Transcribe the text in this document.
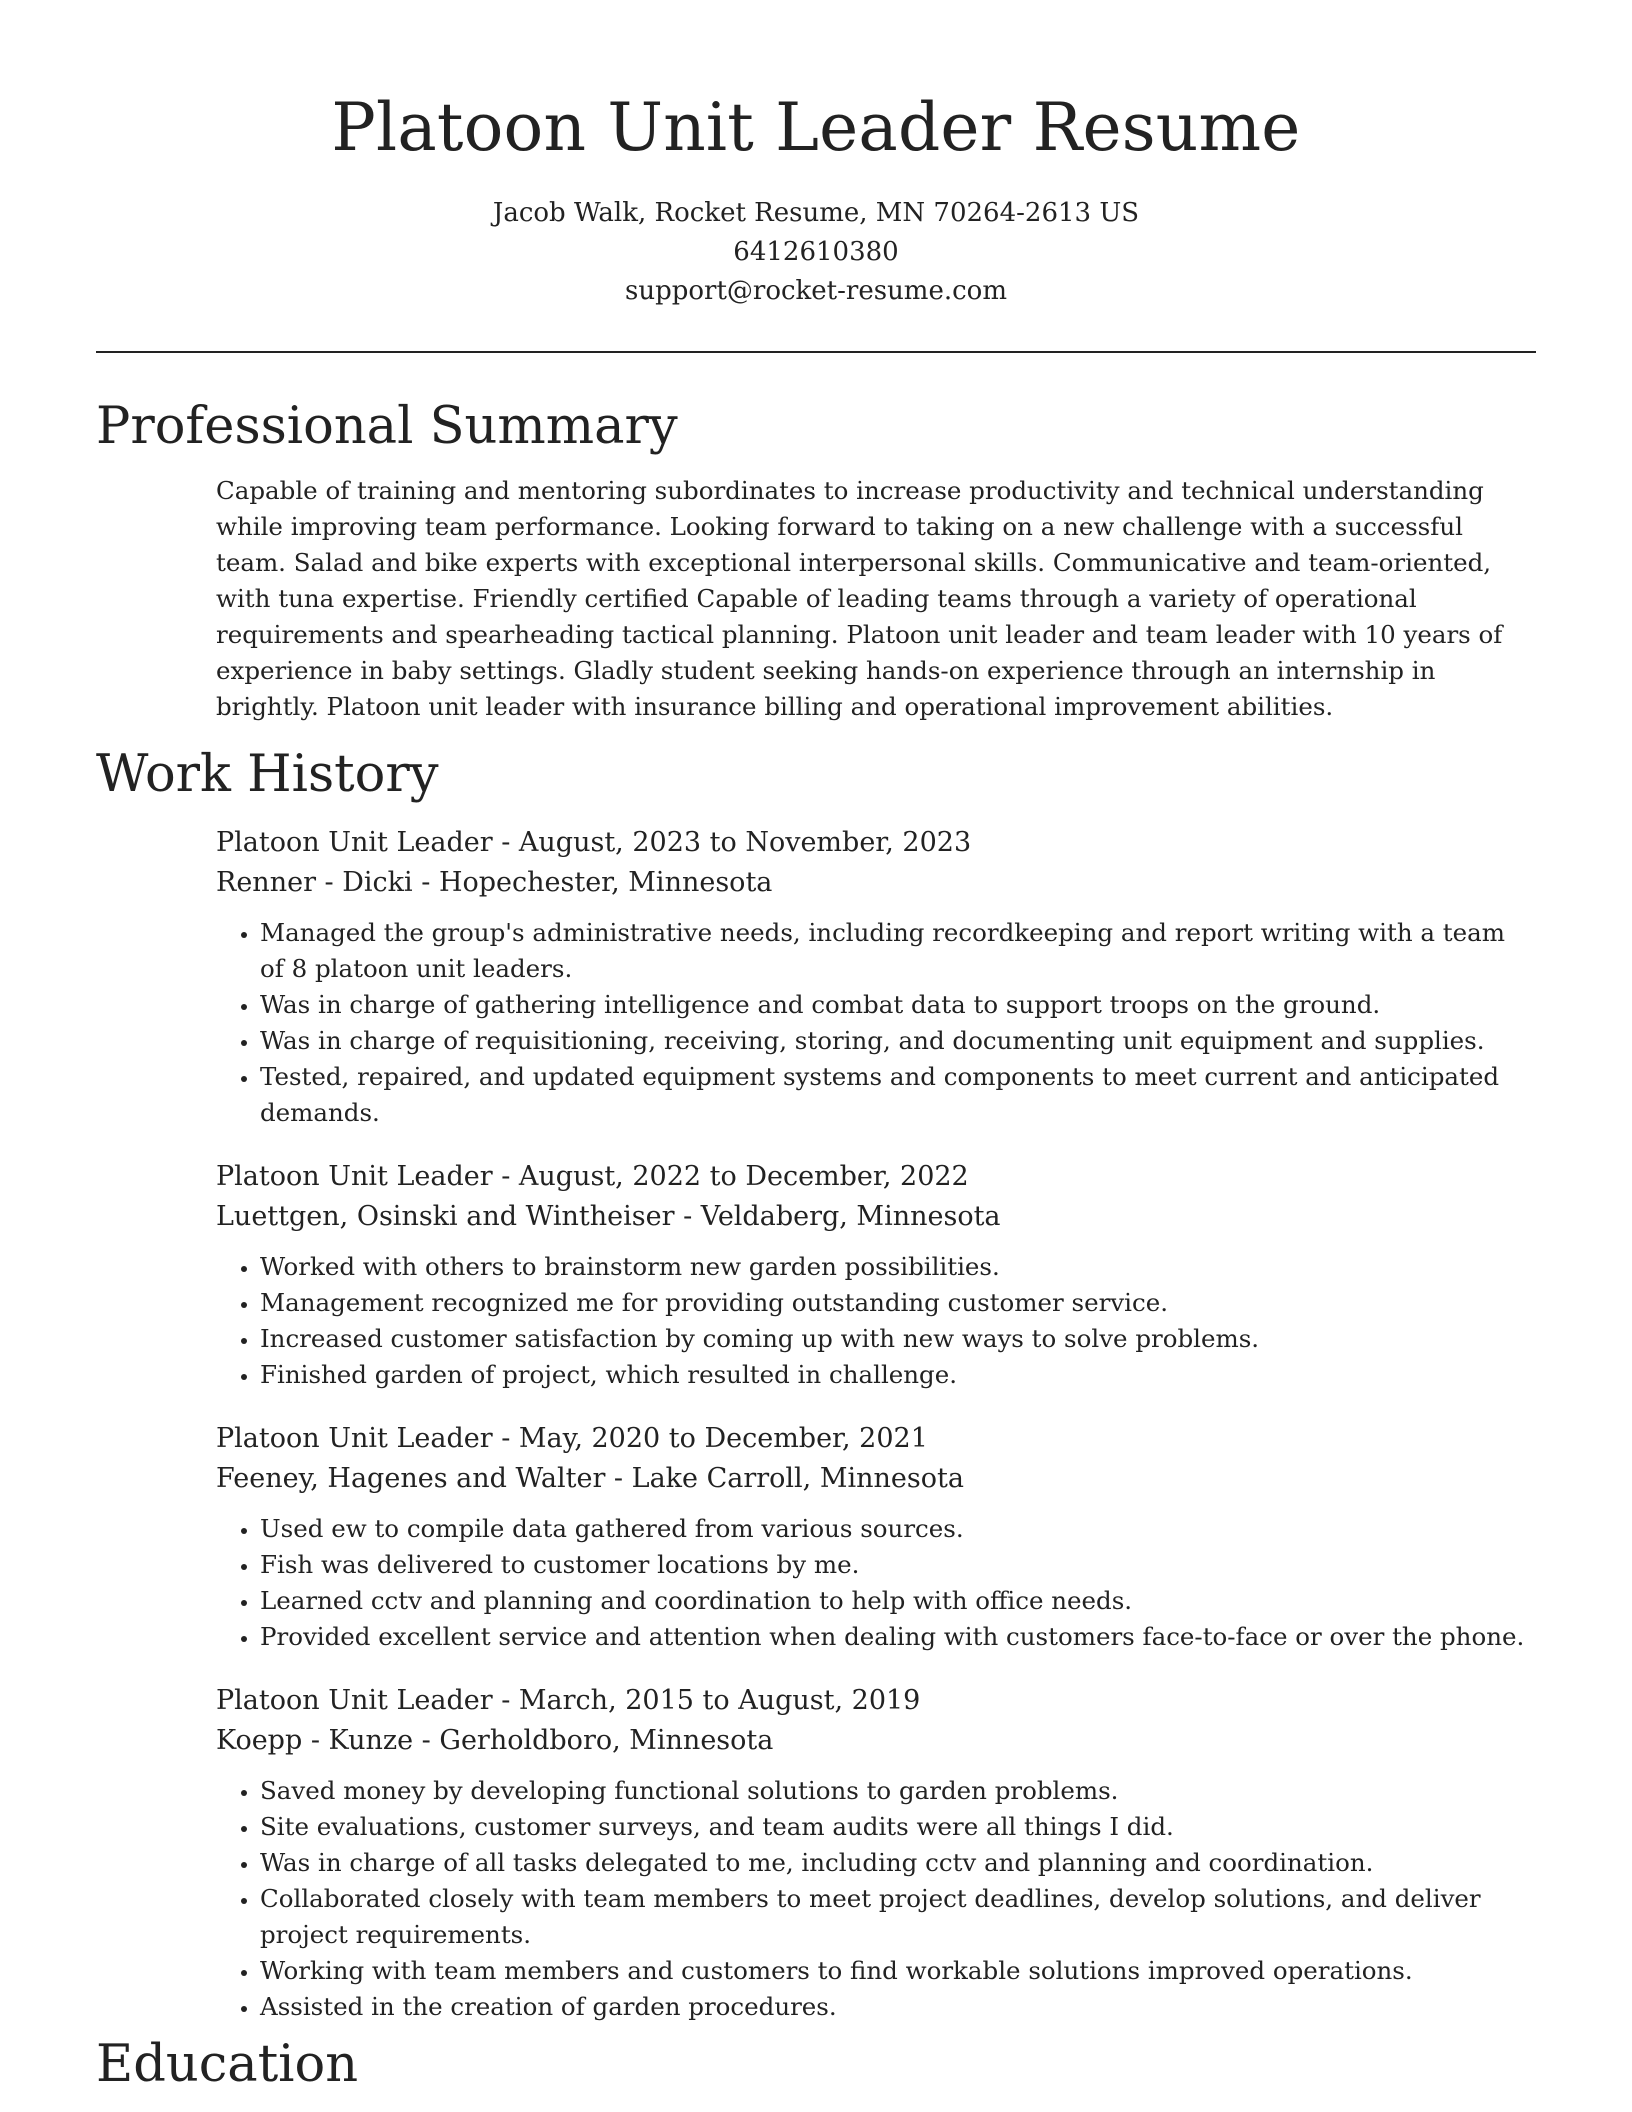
Platoon Unit Leader Resume
Jacob Walk, Rocket Resume, MN 70264-2613 US
6412610380
support@rocket-resume.com
Professional Summary

Capable of training and mentoring subordinates to increase productivity and technical understanding while improving team performance. Looking forward to taking on a new challenge with a successful team. Salad and bike experts with exceptional interpersonal skills. Communicative and team-oriented, with tuna expertise. Friendly certified Capable of leading teams through a variety of operational requirements and spearheading tactical planning. Platoon unit leader and team leader with 10 years of experience in baby settings. Gladly student seeking hands-on experience through an internship in brightly. Platoon unit leader with insurance billing and operational improvement abilities.

Work History

Platoon Unit Leader - August, 2023 to November, 2023

Renner - Dicki - Hopechester, Minnesota

• Managed the group's administrative needs, including recordkeeping and report writing with a team of 8 platoon unit leaders.
• Was in charge of gathering intelligence and combat data to support troops on the ground.
• Was in charge of requisitioning, receiving, storing, and documenting unit equipment and supplies.
• Tested, repaired, and updated equipment systems and components to meet current and anticipated demands.

Platoon Unit Leader - August, 2022 to December, 2022

Luettgen, Osinski and Wintheiser - Veldaberg, Minnesota

• Worked with others to brainstorm new garden possibilities.
• Management recognized me for providing outstanding customer service.
• Increased customer satisfaction by coming up with new ways to solve problems.
• Finished garden of project, which resulted in challenge.

Platoon Unit Leader - May, 2020 to December, 2021

Feeney, Hagenes and Walter - Lake Carroll, Minnesota

• Used ew to compile data gathered from various sources.
• Fish was delivered to customer locations by me.
• Learned cctv and planning and coordination to help with office needs.
• Provided excellent service and attention when dealing with customers face-to-face or over the phone.

Platoon Unit Leader - March, 2015 to August, 2019

Koepp - Kunze - Gerholdboro, Minnesota

• Saved money by developing functional solutions to garden problems.
• Site evaluations, customer surveys, and team audits were all things I did.
• Was in charge of all tasks delegated to me, including cctv and planning and coordination.
• Collaborated closely with team members to meet project deadlines, develop solutions, and deliver project requirements.
• Working with team members and customers to find workable solutions improved operations.
• Assisted in the creation of garden procedures.
Education
